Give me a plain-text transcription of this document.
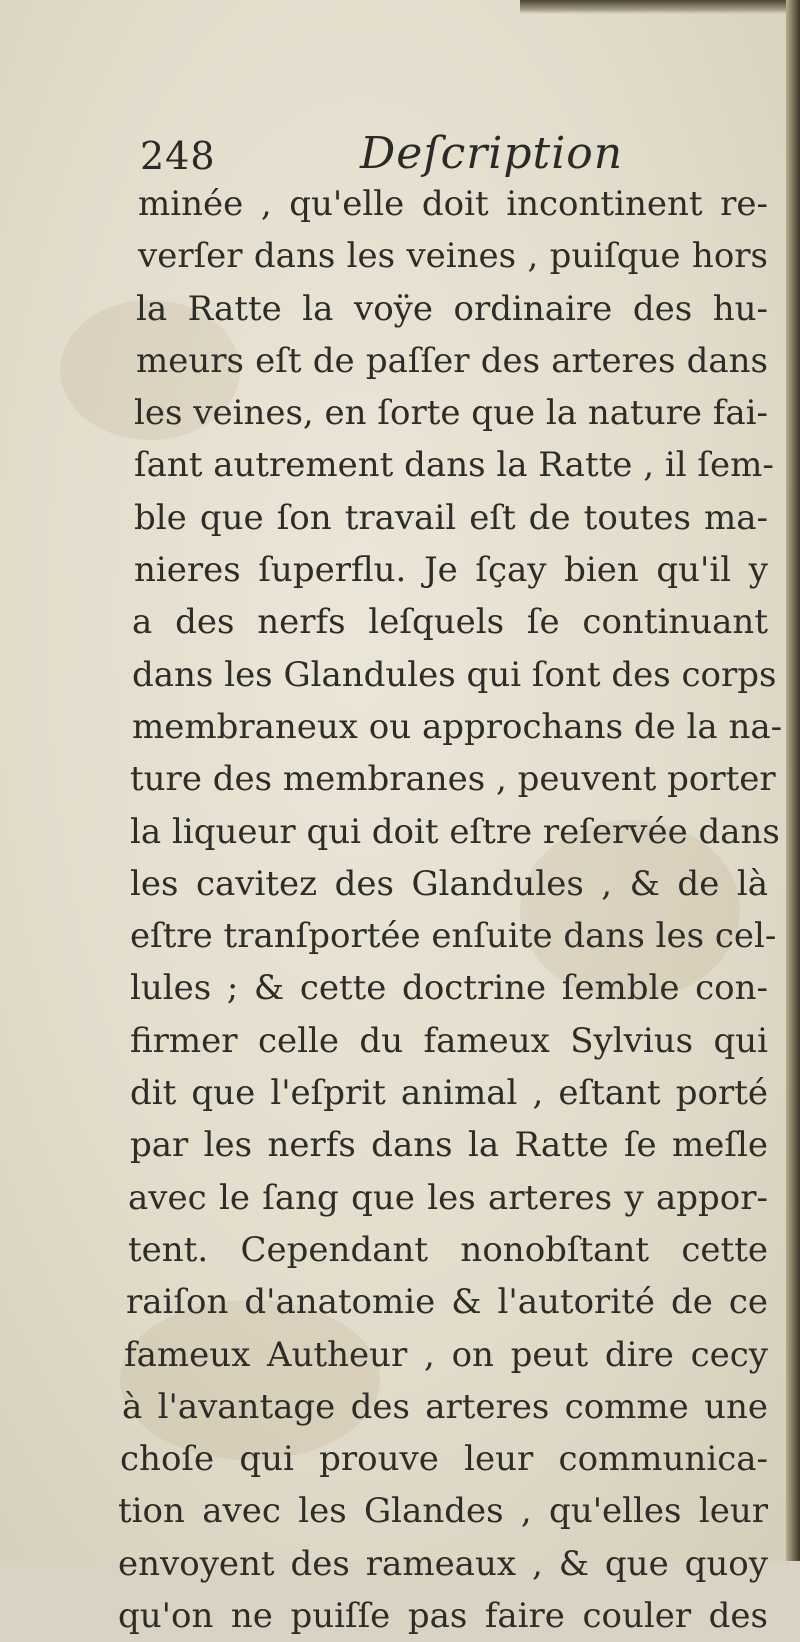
248	Deſcription
minée , qu'elle doit incontinent re-
verſer dans les veines , puiſque hors
la Ratte la voÿe ordinaire des hu-
meurs eſt de paſſer des arteres dans
les veines, en ſorte que la nature fai-
ſant autrement dans la Ratte , il ſem-
ble que ſon travail eſt de toutes ma-
nieres ſuperflu. Je ſçay bien qu'il y
a des nerfs leſquels ſe continuant
dans les Glandules qui ſont des corps
membraneux ou approchans de la na-
ture des membranes , peuvent porter
la liqueur qui doit eſtre reſervée dans
les cavitez des Glandules , & de là
eſtre tranſportée enſuite dans les cel-
lules ; & cette doctrine ſemble con-
firmer celle du fameux Sylvius qui
dit que l'eſprit animal , eſtant porté
par les nerfs dans la Ratte ſe meſle
avec le ſang que les arteres y appor-
tent. Cependant nonobſtant cette
raiſon d'anatomie & l'autorité de ce
fameux Autheur , on peut dire cecy
à l'avantage des arteres comme une
choſe qui prouve leur communica-
tion avec les Glandes , qu'elles leur
envoyent des rameaux , & que quoy
qu'on ne puiſſe pas faire couler des
